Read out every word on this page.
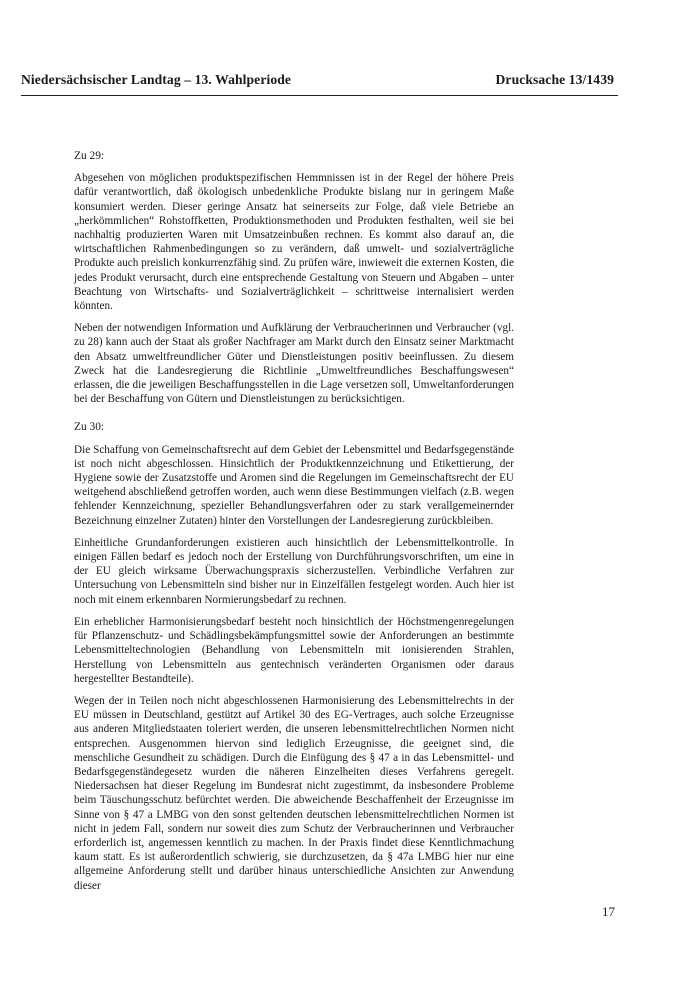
Niedersächsischer Landtag – 13. Wahlperiode	Drucksache 13/1439
Zu 29:

Abgesehen von möglichen produktspezifischen Hemmnissen ist in der Regel der höhere Preis dafür verantwortlich, daß ökologisch unbedenkliche Produkte bislang nur in geringem Maße konsumiert werden. Dieser geringe Ansatz hat seinerseits zur Folge, daß viele Betriebe an „herkömmlichen“ Rohstoffketten, Produktionsmethoden und Produkten festhalten, weil sie bei nachhaltig produzierten Waren mit Umsatzeinbußen rechnen. Es kommt also darauf an, die wirtschaftlichen Rahmenbedingungen so zu verändern, daß umwelt- und sozialverträgliche Produkte auch preislich konkurrenzfähig sind. Zu prüfen wäre, inwieweit die externen Kosten, die jedes Produkt verursacht, durch eine entsprechende Gestaltung von Steuern und Abgaben – unter Beachtung von Wirtschafts- und Sozialverträglichkeit – schrittweise internalisiert werden könnten.

Neben der notwendigen Information und Aufklärung der Verbraucherinnen und Verbraucher (vgl. zu 28) kann auch der Staat als großer Nachfrager am Markt durch den Einsatz seiner Marktmacht den Absatz umweltfreundlicher Güter und Dienstleistungen positiv beeinflussen. Zu diesem Zweck hat die Landesregierung die Richtlinie „Umweltfreundliches Beschaffungswesen“ erlassen, die die jeweiligen Beschaffungsstellen in die Lage versetzen soll, Umweltanforderungen bei der Beschaffung von Gütern und Dienstleistungen zu berücksichtigen.

Zu 30:

Die Schaffung von Gemeinschaftsrecht auf dem Gebiet der Lebensmittel und Bedarfsgegenstände ist noch nicht abgeschlossen. Hinsichtlich der Produktkennzeichnung und Etikettierung, der Hygiene sowie der Zusatzstoffe und Aromen sind die Regelungen im Gemeinschaftsrecht der EU weitgehend abschließend getroffen worden, auch wenn diese Bestimmungen vielfach (z.B. wegen fehlender Kennzeichnung, spezieller Behandlungsverfahren oder zu stark verallgemeinernder Bezeichnung einzelner Zutaten) hinter den Vorstellungen der Landesregierung zurückbleiben.

Einheitliche Grundanforderungen existieren auch hinsichtlich der Lebensmittelkontrolle. In einigen Fällen bedarf es jedoch noch der Erstellung von Durchführungsvorschriften, um eine in der EU gleich wirksame Überwachungspraxis sicherzustellen. Verbindliche Verfahren zur Untersuchung von Lebensmitteln sind bisher nur in Einzelfällen festgelegt worden. Auch hier ist noch mit einem erkennbaren Normierungsbedarf zu rechnen.

Ein erheblicher Harmonisierungsbedarf besteht noch hinsichtlich der Höchstmengenregelungen für Pflanzenschutz- und Schädlingsbekämpfungsmittel sowie der Anforderungen an bestimmte Lebensmitteltechnologien (Behandlung von Lebensmitteln mit ionisierenden Strahlen, Herstellung von Lebensmitteln aus gentechnisch veränderten Organismen oder daraus hergestellter Bestandteile).

Wegen der in Teilen noch nicht abgeschlossenen Harmonisierung des Lebensmittelrechts in der EU müssen in Deutschland, gestützt auf Artikel 30 des EG-Vertrages, auch solche Erzeugnisse aus anderen Mitgliedstaaten toleriert werden, die unseren lebensmittelrechtlichen Normen nicht entsprechen. Ausgenommen hiervon sind lediglich Erzeugnisse, die geeignet sind, die menschliche Gesundheit zu schädigen. Durch die Einfügung des § 47 a in das Lebensmittel- und Bedarfsgegenständegesetz wurden die näheren Einzelheiten dieses Verfahrens geregelt. Niedersachsen hat dieser Regelung im Bundesrat nicht zugestimmt, da insbesondere Probleme beim Täuschungsschutz befürchtet werden. Die abweichende Beschaffenheit der Erzeugnisse im Sinne von § 47 a LMBG von den sonst geltenden deutschen lebensmittelrechtlichen Normen ist nicht in jedem Fall, sondern nur soweit dies zum Schutz der Verbraucherinnen und Verbraucher erforderlich ist, angemessen kenntlich zu machen. In der Praxis findet diese Kenntlichmachung kaum statt. Es ist außerordentlich schwierig, sie durchzusetzen, da § 47a LMBG hier nur eine allgemeine Anforderung stellt und darüber hinaus unterschiedliche Ansichten zur Anwendung dieser

17
